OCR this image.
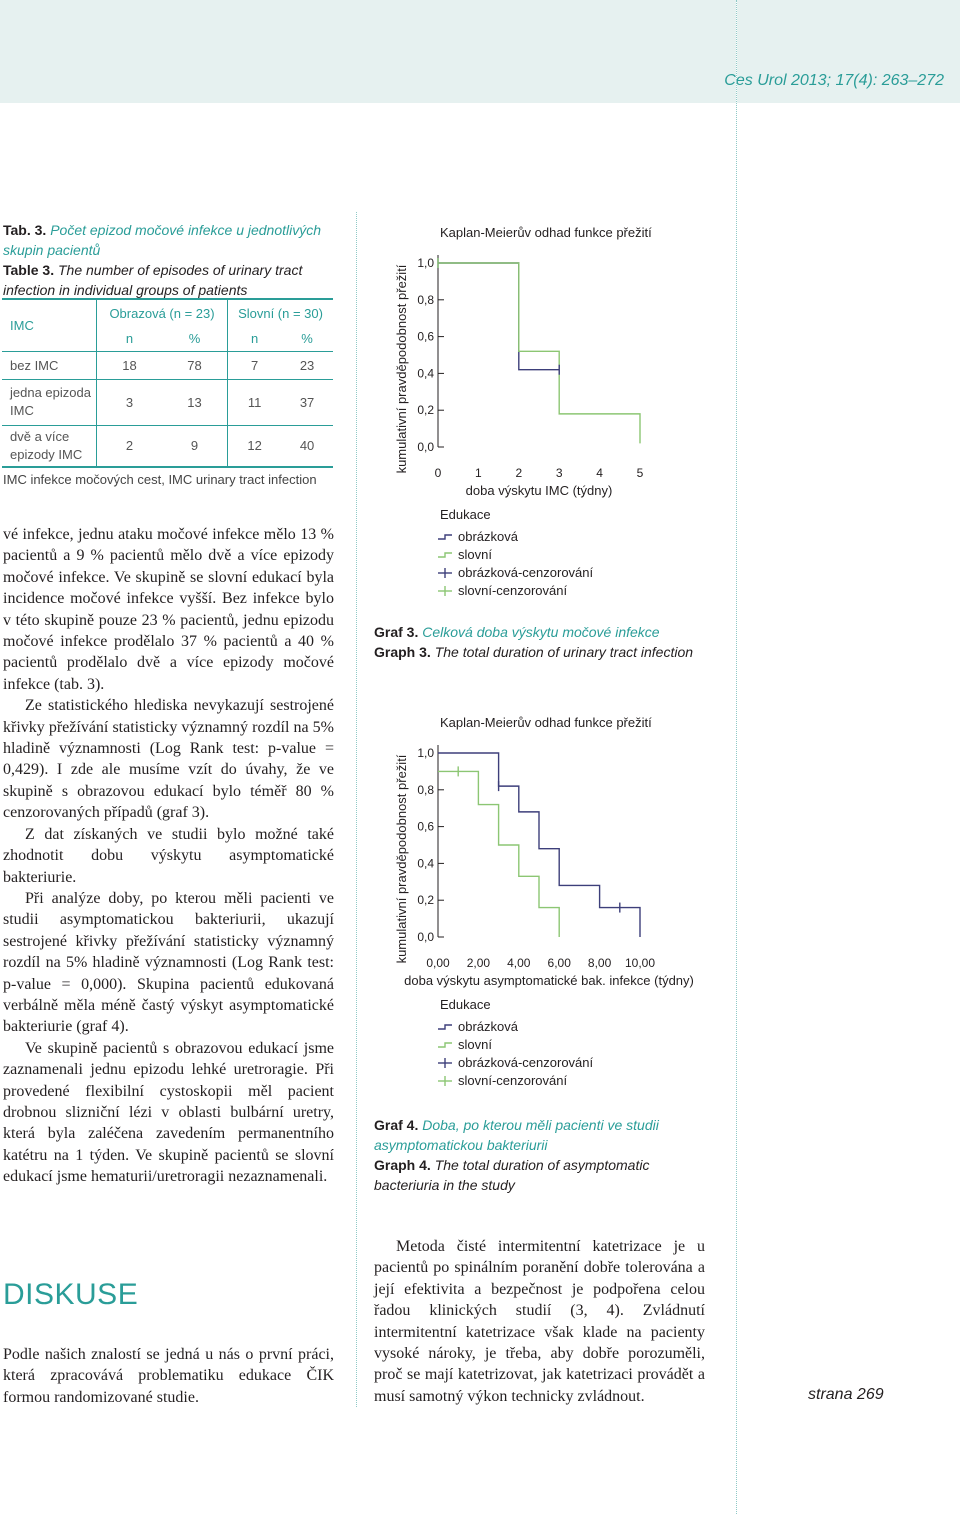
Ces Urol 2013; 17(4): 263–272
Tab. 3. Počet epizod močové infekce u jednotlivých skupin pacientů
Table 3. The number of episodes of urinary tract infection in individual groups of patients
IMC	Obrazová (n = 23)		Slovní (n = 30)	
	n	%	n	%
bez IMC	18	78	7	23
jedna epizoda IMC	3	13	11	37
dvě a více epizody IMC	2	9	12	40
IMC infekce močových cest, IMC urinary tract infection

vé infekce, jednu ataku močové infekce mělo 13 % pacientů a 9 % pacientů mělo dvě a více epizody močové infekce. Ve skupině se slovní edukací byla incidence močové infekce vyšší. Bez infekce bylo v této skupině pouze 23 % pacientů, jednu epizodu močové infekce prodělalo 37 % pacientů a 40 % pacientů prodělalo dvě a více epizody močové infekce (tab. 3).

Ze statistického hlediska nevykazují sestrojené křivky přežívání statisticky významný rozdíl na 5% hladině významnosti (Log Rank test: p-value = 0,429). I zde ale musíme vzít do úvahy, že ve skupině s obrazovou edukací bylo téměř 80 % cenzorovaných případů (graf 3).

Z dat získaných ve studii bylo možné také zhodnotit dobu výskytu asymptomatické bakteriurie.

Při analýze doby, po kterou měli pacienti ve studii asymptomatickou bakteriurii, ukazují sestrojené křivky přežívání statisticky významný rozdíl na 5% hladině významnosti (Log Rank test: p-value = 0,000). Skupina pacientů edukovaná verbálně měla méně častý výskyt asymptomatické bakteriurie (graf 4).

Ve skupině pacientů s obrazovou edukací jsme zaznamenali jednu epizodu lehké uretroragie. Při provedené flexibilní cystoskopii měl pacient drobnou slizniční lézi v oblasti bulbární uretry, která byla zaléčena zavedením permanentního katétru na 1 týden. Ve skupině pacientů se slovní edukací jsme hematurii/uretroragii nezaznamenali.

DISKUSE

Podle našich znalostí se jedná u nás o první práci, která zpracovává problematiku edukace ČIK formou randomizované studie.

Kaplan-Meierův odhad funkce přežití
kumulativní pravděpodobnost přežití 0,0
0,2
0,4
0,6
0,8
1,0
0	1	2	3	4	5
doba výskytu IMC (týdny)
Edukace
obrázková
slovní
obrázková-cenzorování
slovní-cenzorování
Kaplan-Meierův odhad funkce přežití
kumulativní pravděpodobnost přežití 0,0
0,2
0,4
0,6
0,8
1,0
0,00 2,00 4,00 6,00 8,00 10,00
doba výskytu asymptomatické bak. infekce (týdny)
Edukace
obrázková
slovní
obrázková-cenzorování
slovní-cenzorování
Graf 3. Celková doba výskytu močové infekce
Graph 3. The total duration of urinary tract infection
Graf 4. Doba, po kterou měli pacienti ve studii asymptomatickou bakteriurii
Graph 4. The total duration of asymptomatic bacteriuria in the study

Metoda čisté intermitentní katetrizace je u pacientů po spinálním poranění dobře tolerována a její efektivita a bezpečnost je podpořena celou řadou klinických studií (3, 4). Zvládnutí intermitentní katetrizace však klade na pacienty vysoké nároky, je třeba, aby dobře porozuměli, proč se mají katetrizovat, jak katetrizaci provádět a musí samotný výkon technicky zvládnout.	strana 269
